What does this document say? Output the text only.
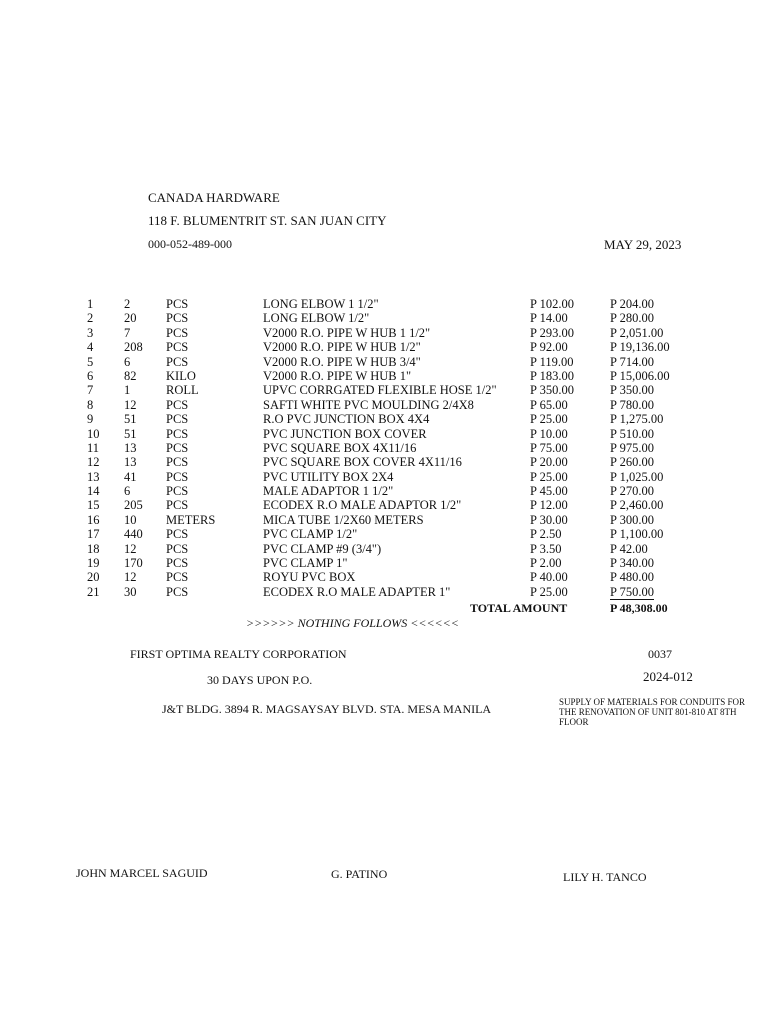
CANADA HARDWARE
118 F. BLUMENTRIT ST. SAN JUAN CITY
000-052-489-000	MAY 29, 2023
1 2	PCS	LONG ELBOW 1 1/2"	P 102.00	P 204.00
2 20 PCS	LONG ELBOW 1/2"	P 14.00	P 280.00
3 7	PCS	V2000 R.O. PIPE W HUB 1 1/2"	P 293.00	P 2,051.00
4 208 PCS	V2000 R.O. PIPE W HUB 1/2"	P 92.00	P 19,136.00
5 6	PCS	V2000 R.O. PIPE W HUB 3/4"	P 119.00	P 714.00
6 82 KILO	V2000 R.O. PIPE W HUB 1"	P 183.00	P 15,006.00
7 1	ROLL	UPVC CORRGATED FLEXIBLE HOSE 1/2"	P 350.00	P 350.00
8 12 PCS	SAFTI WHITE PVC MOULDING 2/4X8	P 65.00	P 780.00
9 51 PCS	R.O PVC JUNCTION BOX 4X4	P 25.00	P 1,275.00
10 51 PCS	PVC JUNCTION BOX COVER	P 10.00	P 510.00
11 13 PCS	PVC SQUARE BOX 4X11/16	P 75.00	P 975.00
12 13 PCS	PVC SQUARE BOX COVER 4X11/16	P 20.00	P 260.00
13 41 PCS	PVC UTILITY BOX 2X4	P 25.00	P 1,025.00
14 6	PCS	MALE ADAPTOR 1 1/2"	P 45.00	P 270.00
15 205 PCS	ECODEX R.O MALE ADAPTOR 1/2"	P 12.00	P 2,460.00
16 10 METERS	MICA TUBE 1/2X60 METERS	P 30.00	P 300.00
17 440 PCS	PVC CLAMP 1/2"	P 2.50	P 1,100.00
18 12 PCS	PVC CLAMP #9 (3/4")	P 3.50	P 42.00
19 170 PCS	PVC CLAMP 1"	P 2.00	P 340.00
20 12 PCS	ROYU PVC BOX	P 40.00	P 480.00
21 30 PCS	ECODEX R.O MALE ADAPTER 1"	P 25.00	P 750.00
TOTAL AMOUNT	P 48,308.00
>>>>>> NOTHING FOLLOWS <<<<<<
FIRST OPTIMA REALTY CORPORATION	0037
2024-012
30 DAYS UPON P.O.
J&T BLDG. 3894 R. MAGSAYSAY BLVD. STA. MESA MANILA	SUPPLY OF MATERIALS FOR CONDUITS FOR THE RENOVATION OF UNIT 801-810 AT 8TH FLOOR
JOHN MARCEL SAGUID	G. PATINO	LILY H. TANCO
